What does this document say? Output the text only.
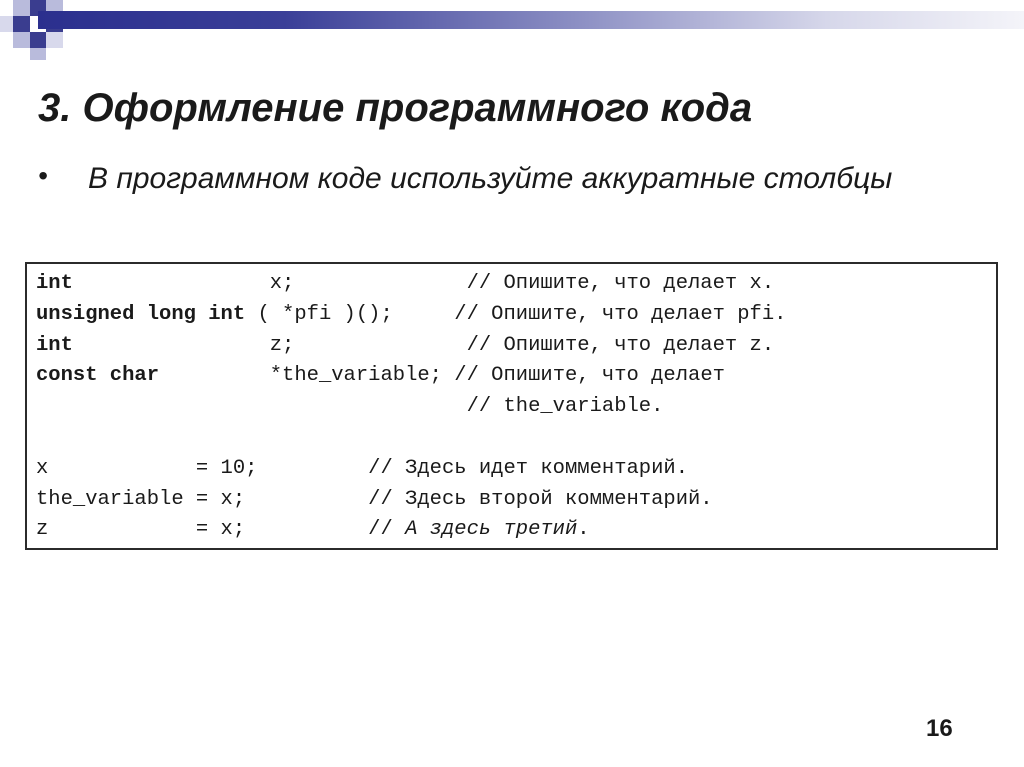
3. Оформление программного кода
• В программном коде используйте аккуратные столбцы
int                x;              // Опишите, что делает x.
unsigned long int ( *pfi )();     // Опишите, что делает pfi.
int                z;              // Опишите, что делает z.
const char         *the_variable; // Опишите, что делает
// the_variable.

x            = 10;         // Здесь идет комментарий.
the_variable = x;          // Здесь второй комментарий.
z            = x;          // А здесь третий.
16
